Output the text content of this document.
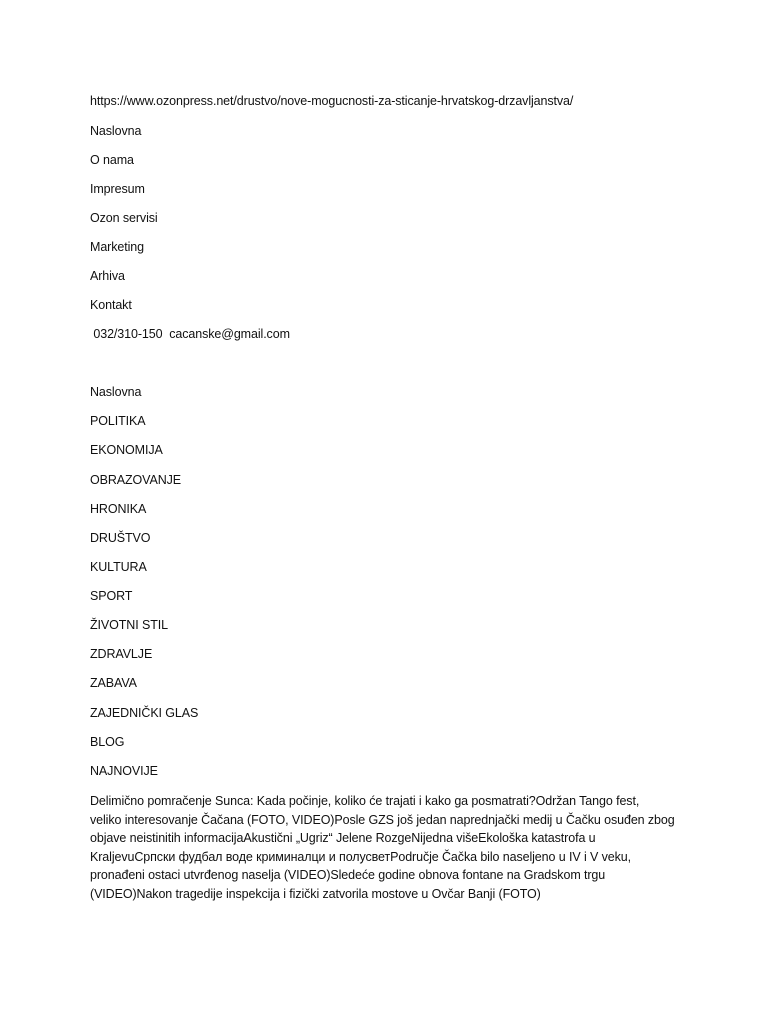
https://www.ozonpress.net/drustvo/nove-mogucnosti-za-sticanje-hrvatskog-drzavljanstva/
Naslovna
O nama
Impresum
Ozon servisi
Marketing
Arhiva
Kontakt
032/310-150  cacanske@gmail.com
Naslovna
POLITIKA
EKONOMIJA
OBRAZOVANJE
HRONIKA
DRUŠTVO
KULTURA
SPORT
ŽIVOTNI STIL
ZDRAVLJE
ZABAVA
ZAJEDNIČKI GLAS
BLOG
NAJNOVIJE
Delimično pomračenje Sunca: Kada počinje, koliko će trajati i kako ga posmatrati?Održan Tango fest,
veliko interesovanje Čačana (FOTO, VIDEO)Posle GZS još jedan naprednjački medij u Čačku osuđen zbog
objave neistinitih informacijaAkustični „Ugriz“ Jelene RozgeNijedna višeEkološka katastrofa u
KraljevuСрпски фудбал воде криминалци и полусветPodručje Čačka bilo naseljeno u IV i V veku,
pronađeni ostaci utvrđenog naselja (VIDEO)Sledeće godine obnova fontane na Gradskom trgu
(VIDEO)Nakon tragedije inspekcija i fizički zatvorila mostove u Ovčar Banji (FOTO)
